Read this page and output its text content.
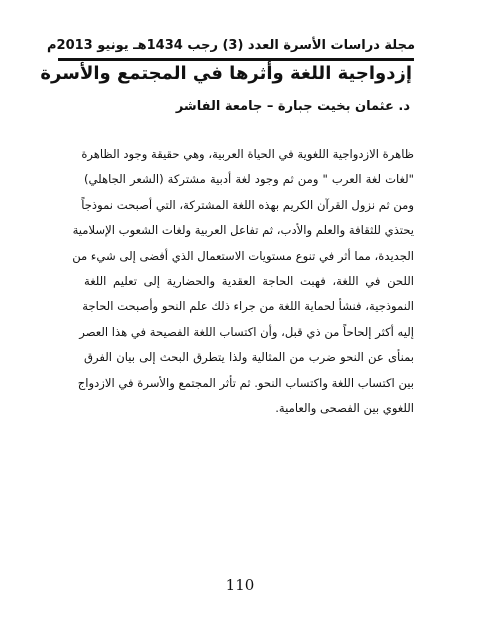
مجلة دراسات الأسرة العدد (3) رجب 1434هـ يونيو 2013م
إزدواجية اللغة وأثرها في المجتمع والأسرة
د. عثمان بخيت جبارة – جامعة الفاشر
ظاهرة الازدواجية اللغوية في الحياة العربية، وهي حقيقة وجود الظاهرة
"لغات لغة العرب " ومن ثم وجود لغة أدبية مشتركة (الشعر الجاهلي)
ومن ثم نزول القرآن الكريم بهذه اللغة المشتركة، التي أصبحت نموذجاً
يحتذي للثقافة والعلم والأدب، ثم تفاعل العربية ولغات الشعوب الإسلامية
الجديدة، مما أثر في تنوع مستويات الاستعمال الذي أفضى إلى شيء من
اللحن في اللغة، فهبت الحاجة العقدية والحضارية إلى تعليم اللغة
النموذجية، فنشأ لحماية اللغة من جراء ذلك علم النحو وأصبحت الحاجة
إليه أكثر إلحاحاً من ذي قبل، وأن اكتساب اللغة الفصيحة في هذا العصر
بمنأى عن النحو ضرب من المثالية ولذا يتطرق البحث إلى بيان الفرق
بين اكتساب اللغة واكتساب النحو. ثم تأثر المجتمع والأسرة في الازدواج
اللغوي بين الفصحى والعامية.
110
